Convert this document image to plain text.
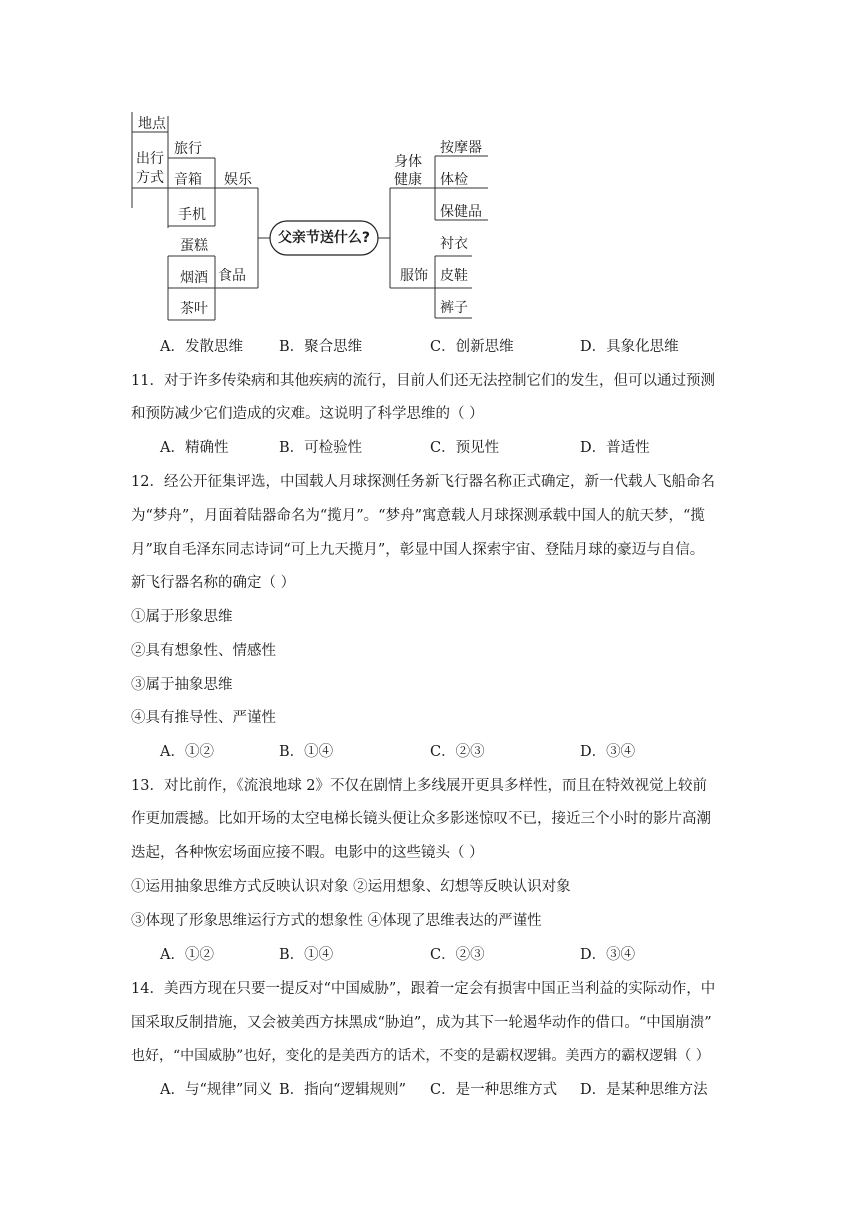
地点
出行
方式
旅行
音箱
手机
娱乐
蛋糕
烟酒
茶叶
食品
父亲节送什么?
身体
健康
按摩器
体检
保健品
服饰
衬衣
皮鞋
裤子
A．发散思维 B．聚合思维	C．创新思维	D．具象化思维
11．对于许多传染病和其他疾病的流行，目前人们还无法控制它们的发生，但可以通过预测
和预防减少它们造成的灾难。这说明了科学思维的（ ）
A．精确性	B．可检验性	C．预见性	D．普适性
12．经公开征集评选，中国载人月球探测任务新飞行器名称正式确定，新一代载人飞船命名
为“梦舟”，月面着陆器命名为“揽月”。“梦舟”寓意载人月球探测承载中国人的航天梦，“揽
月”取自毛泽东同志诗词“可上九天揽月”，彰显中国人探索宇宙、登陆月球的豪迈与自信。
新飞行器名称的确定（ ）
①属于形象思维
②具有想象性、情感性
③属于抽象思维
④具有推导性、严谨性
A．①②	B．①④	C．②③	D．③④
13．对比前作，《流浪地球 2》不仅在剧情上多线展开更具多样性，而且在特效视觉上较前
作更加震撼。比如开场的太空电梯长镜头便让众多影迷惊叹不已，接近三个小时的影片高潮
迭起，各种恢宏场面应接不暇。电影中的这些镜头（ ）
①运用抽象思维方式反映认识对象 ②运用想象、幻想等反映认识对象
③体现了形象思维运行方式的想象性 ④体现了思维表达的严谨性
A．①②	B．①④	C．②③	D．③④
14．美西方现在只要一提反对“中国威胁”，跟着一定会有损害中国正当利益的实际动作，中
国采取反制措施，又会被美西方抹黑成“胁迫”，成为其下一轮遏华动作的借口。“中国崩溃”
也好，“中国威胁”也好，变化的是美西方的话术，不变的是霸权逻辑。美西方的霸权逻辑（ ）
A．与“规律”同义 B．指向“逻辑规则” C．是一种思维方式 D．是某种思维方法
